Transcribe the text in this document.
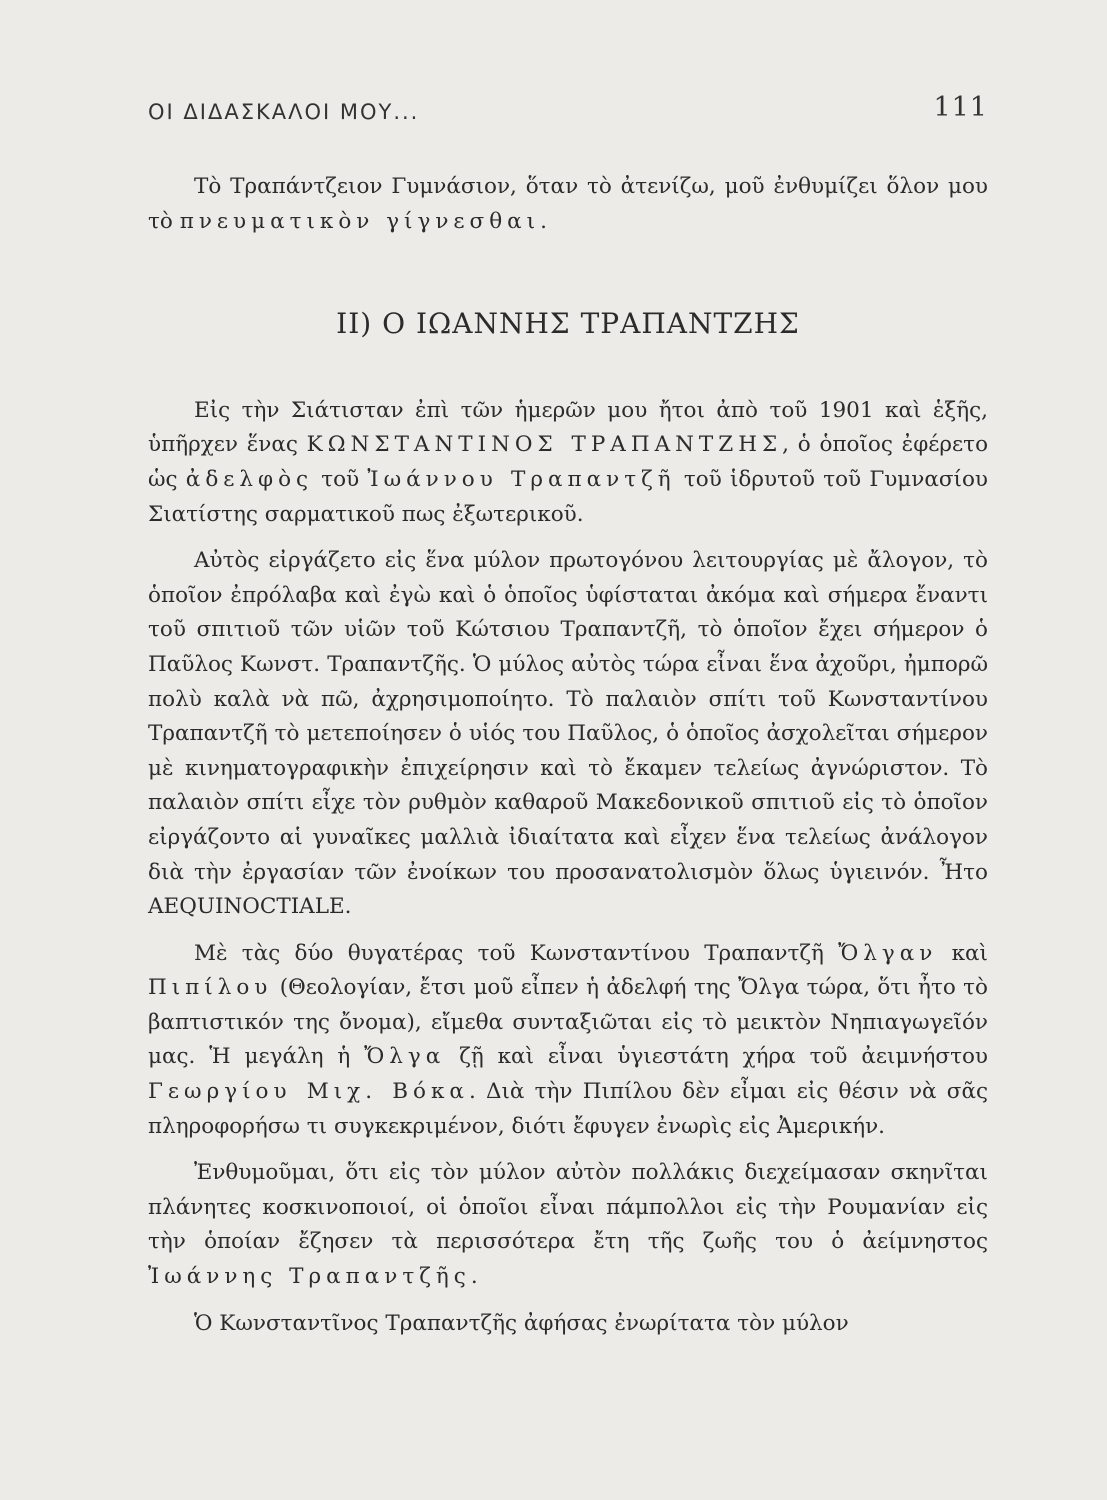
ΟΙ ΔΙΔΑΣΚΑΛΟΙ ΜΟΥ...	111

Τὸ Τραπάντζειον Γυμνάσιον, ὅταν τὸ ἀτενίζω, μοῦ ἐνθυμίζει ὅλον μου τὸ πνευματικὸν γίγνεσθαι.

II) Ο ΙΩΑΝΝΗΣ ΤΡΑΠΑΝΤΖΗΣ

Εἰς τὴν Σιάτισταν ἐπὶ τῶν ἡμερῶν μου ἤτοι ἀπὸ τοῦ 1901 καὶ ἑξῆς, ὑπῆρχεν ἕνας ΚΩΝΣΤΑΝΤΙΝΟΣ ΤΡΑΠΑΝΤΖΗΣ, ὁ ὁποῖος ἐφέρετο ὡς ἀδελφὸς τοῦ Ἰωάννου Τραπαντζῆ τοῦ ἱδρυτοῦ τοῦ Γυμνασίου Σιατίστης σαρματικοῦ πως ἐξωτερικοῦ.

Αὐτὸς εἰργάζετο εἰς ἕνα μύλον πρωτογόνου λειτουργίας μὲ ἄλογον, τὸ ὁποῖον ἐπρόλαβα καὶ ἐγὼ καὶ ὁ ὁποῖος ὑφίσταται ἀκόμα καὶ σήμερα ἔναντι τοῦ σπιτιοῦ τῶν υἱῶν τοῦ Κώτσιου Τραπαντζῆ, τὸ ὁποῖον ἔχει σήμερον ὁ Παῦλος Κωνστ. Τραπαντζῆς. Ὁ μύλος αὐτὸς τώρα εἶναι ἕνα ἀχοῦρι, ἠμπορῶ πολὺ καλὰ νὰ πῶ, ἀχρησιμοποίητο. Τὸ παλαιὸν σπίτι τοῦ Κωνσταντίνου Τραπαντζῆ τὸ μετεποίησεν ὁ υἱός του Παῦλος, ὁ ὁποῖος ἀσχολεῖται σήμερον μὲ κινηματογραφικὴν ἐπιχείρησιν καὶ τὸ ἔκαμεν τελείως ἀγνώριστον. Τὸ παλαιὸν σπίτι εἶχε τὸν ρυθμὸν καθαροῦ Μακεδονικοῦ σπιτιοῦ εἰς τὸ ὁποῖον εἰργάζοντο αἱ γυναῖκες μαλλιὰ ἰδιαίτατα καὶ εἶχεν ἕνα τελείως ἀνάλογον διὰ τὴν ἐργασίαν τῶν ἐνοίκων του προσανατολισμὸν ὅλως ὑγιεινόν. Ἦτο AEQUINOCTIALE.

Μὲ τὰς δύο θυγατέρας τοῦ Κωνσταντίνου Τραπαντζῆ Ὄλγαν καὶ Πιπίλου (Θεολογίαν, ἔτσι μοῦ εἶπεν ἡ ἀδελφή της Ὄλγα τώρα, ὅτι ἦτο τὸ βαπτιστικόν της ὄνομα), εἴμεθα συνταξιῶται εἰς τὸ μεικτὸν Νηπιαγωγεῖόν μας. Ἡ μεγάλη ἡ Ὄλγα ζῇ καὶ εἶναι ὑγιεστάτη χήρα τοῦ ἀειμνήστου Γεωργίου Μιχ. Βόκα. Διὰ τὴν Πιπίλου δὲν εἶμαι εἰς θέσιν νὰ σᾶς πληροφορήσω τι συγκεκριμένον, διότι ἔφυγεν ἐνωρὶς εἰς Ἀμερικήν.

Ἐνθυμοῦμαι, ὅτι εἰς τὸν μύλον αὐτὸν πολλάκις διεχείμασαν σκηνῖται πλάνητες κοσκινοποιοί, οἱ ὁποῖοι εἶναι πάμπολλοι εἰς τὴν Ρουμανίαν εἰς τὴν ὁποίαν ἔζησεν τὰ περισσότερα ἔτη τῆς ζωῆς του ὁ ἀείμνηστος Ἰωάννης Τραπαντζῆς.

Ὁ Κωνσταντῖνος Τραπαντζῆς ἀφήσας ἐνωρίτατα τὸν μύλον
